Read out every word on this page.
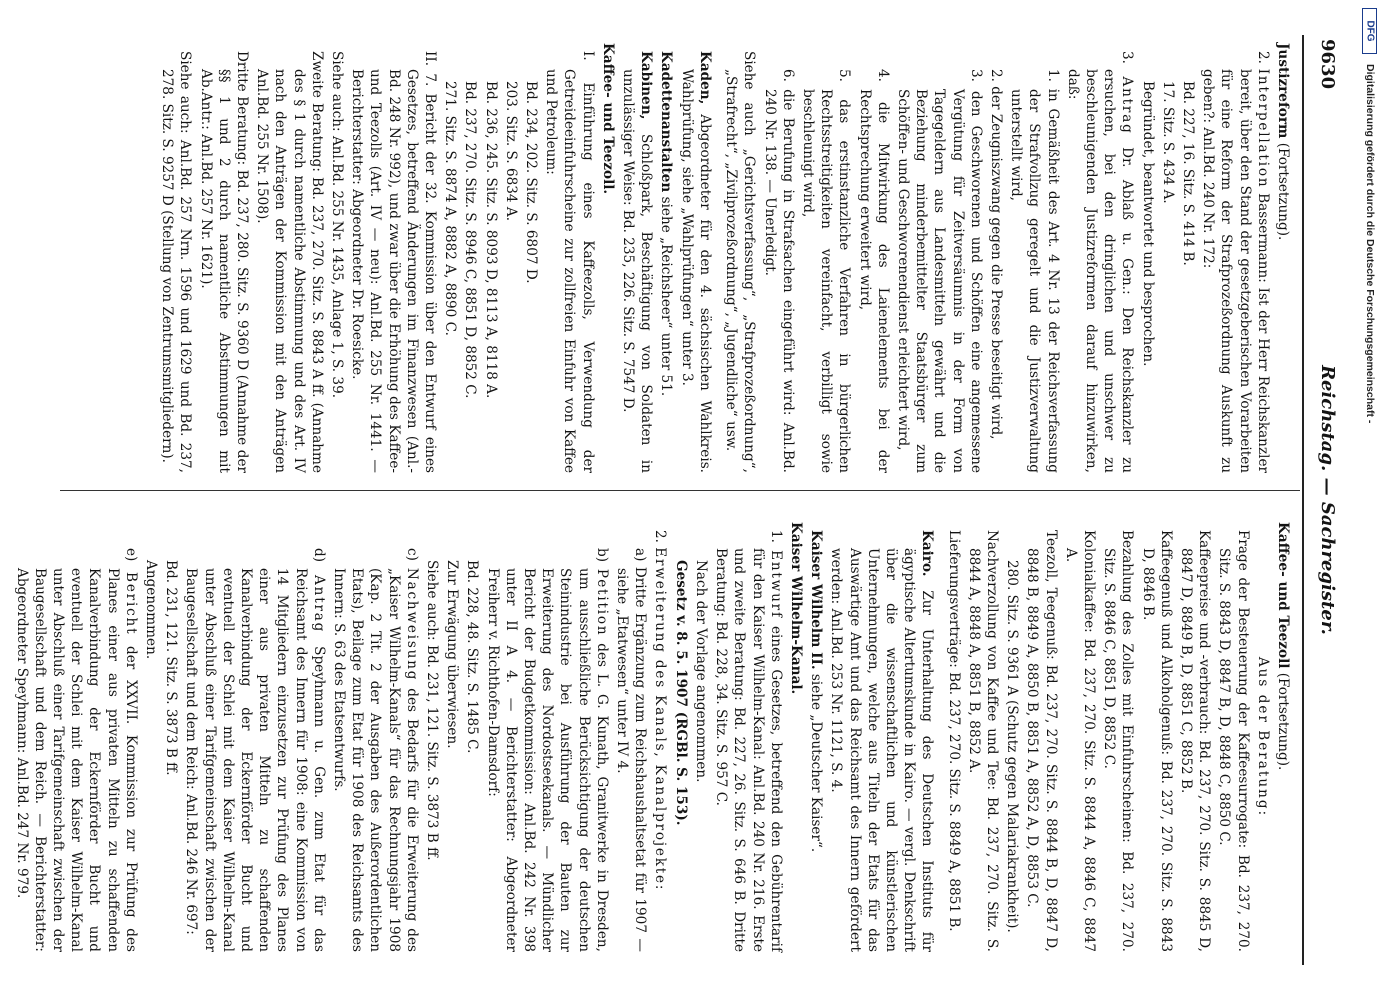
9630
Reichstag. — Sachregister.

Justizreform (Fortsetzung).

2. Interpellation Bassermann: Ist der Herr Reichskanzler bereit, über den Stand der gesetzgeberischen Vorarbeiten für eine Reform der Strafprozeßordnung Auskunft zu geben?: Anl.Bd. 240 Nr. 172:

Bd. 227, 16. Sitz. S. 414 B.

17. Sitz. S. 434 A.

Begründet, beantwortet und besprochen.

3. Antrag Dr. Ablaß u. Gen.: Den Reichskanzler zu ersuchen, bei den dringlichen und unschwer zu beschleunigenden Justizreformen darauf hinzuwirken, daß:

1. in Gemäßheit des Art. 4 Nr. 13 der Reichsverfassung der Strafvollzug geregelt und die Justizverwaltung unterstellt wird,

2. der Zeugniszwang gegen die Presse beseitigt wird,

3. den Geschworenen und Schöffen eine angemessene Vergütung für Zeitversäumnis in der Form von Tagegeldern aus Landesmitteln gewährt und die Beziehung minderbemittelter Staatsbürger zum Schöffen- und Geschworenendienst erleichtert wird,

4. die Mitwirkung des Laienelements bei der Rechtsprechung erweitert wird,

5. das erstinstanzliche Verfahren in bürgerlichen Rechtsstreitigkeiten vereinfacht, verbilligt sowie beschleunigt wird,

6. die Berufung in Strafsachen eingeführt wird: Anl.Bd. 240 Nr. 138. — Unerledigt.

Siehe auch „Gerichtsverfassung“, „Strafprozeßordnung“, „Strafrecht“, „Zivilprozeßordnung“, „Jugendliche“ usw.

Kaden, Abgeordneter für den 4. sächsischen Wahlkreis. Wahlprüfung, siehe „Wahlprüfungen“ unter 3.

Kadettenanstalten siehe „Reichsheer“ unter 51.

Kabinen, Schloßpark, Beschäftigung von Soldaten in unzulässiger Weise: Bd. 235, 226. Sitz. S. 7547 D.

Kaffee- und Teezoll.

I. Einführung eines Kaffeezolls, Verwendung der Getreideeinfuhrscheine zur zollfreien Einfuhr von Kaffee und Petroleum:

Bd. 234, 202. Sitz. S. 6807 D.

203. Sitz. S. 6834 A.

Bd. 236, 245. Sitz. S. 8093 D, 8113 A, 8118 A.

Bd. 237, 270. Sitz. S. 8946 C, 8851 D, 8852 C.

271. Sitz. S. 8874 A, 8882 A, 8890 C.

II. 7. Bericht der 32. Kommission über den Entwurf eines Gesetzes, betreffend Änderungen im Finanzwesen (Anl.-Bd. 248 Nr. 992), und zwar über die Erhöhung des Kaffee- und Teezolls (Art. IV — neu): Anl.Bd. 255 Nr. 1441. — Berichterstatter: Abgeordneter Dr. Roesicke.

Siehe auch: Anl.Bd. 255 Nr. 1435, Anlage 1, S. 39.

Zweite Beratung: Bd. 237, 270. Sitz. S. 8843 A ff. (Annahme des § 1 durch namentliche Abstimmung und des Art. IV nach den Anträgen der Kommission mit den Anträgen Anl.Bd. 255 Nr. 1508).

Dritte Beratung: Bd. 237, 280. Sitz. S. 9360 D (Annahme der §§ 1 und 2 durch namentliche Abstimmungen mit Ab.Antr.: Anl.Bd. 257 Nr. 1621).

Siehe auch: Anl.Bd. 257 Nrn. 1596 und 1629 und Bd. 237, 278. Sitz. S. 9257 D (Stellung von Zentrumsmitgliedern).

Kaffee- und Teezoll (Fortsetzung).

Aus der Beratung:

Frage der Besteuerung der Kaffeesurrogate: Bd. 237, 270. Sitz. S. 8843 D, 8847 B, D, 8848 C, 8850 C.

Kaffeepreise und -verbrauch: Bd. 237, 270. Sitz. S. 8845 D, 8847 D, 8849 B, D, 8851 C, 8852 B.

Kaffeegenuß und Alkoholgenuß: Bd. 237, 270. Sitz. S. 8843 D, 8846 B.

Bezahlung des Zolles mit Einfuhrscheinen: Bd. 237, 270. Sitz. S. 8846 C, 8851 D, 8852 C.

Kolonialkaffee: Bd. 237, 270. Sitz. S. 8844 A, 8846 C, 8847 A.

Teezoll, Teegenuß: Bd. 237, 270. Sitz. S. 8844 B, D, 8847 D, 8848 B, 8849 A, 8850 B, 8851 A, 8852 A, D, 8853 C.

280. Sitz. S. 9361 A (Schutz gegen Malariakrankheit).

Nachverzollung von Kaffee und Tee: Bd. 237, 270. Sitz. S. 8844 A, 8848 A, 8851 B, 8852 A.

Lieferungsverträge: Bd. 237, 270. Sitz. S. 8849 A, 8851 B.

Kairo. Zur Unterhaltung des Deutschen Instituts für ägyptische Altertumskunde in Kairo. — vergl. Denkschrift über die wissenschaftlichen und künstlerischen Unternehmungen, welche aus Titeln der Etats für das Auswärtige Amt und das Reichsamt des Innern gefördert werden: Anl.Bd. 253 Nr. 1121, S. 4.

Kaiser Wilhelm II. siehe „Deutscher Kaiser“.

Kaiser Wilhelm-Kanal.

1. Entwurf eines Gesetzes, betreffend den Gebührentarif für den Kaiser Wilhelm-Kanal: Anl.Bd. 240 Nr. 216. Erste und zweite Beratung: Bd. 227, 26. Sitz. S. 646 B. Dritte Beratung: Bd. 228, 34. Sitz. S. 957 C.

Nach der Vorlage angenommen.

Gesetz v. 8. 5. 1907 (RGBl. S. 153).

2. Erweiterung des Kanals, Kanalprojekte:

a) Dritte Ergänzung zum Reichshaushaltsetat für 1907 — siehe „Etatwesen“ unter IV 4.

b) Petition des L. G. Kunath, Granitwerke in Dresden, um ausschließliche Berücksichtigung der deutschen Steinindustrie bei Ausführung der Bauten zur Erweiterung des Nordostseekanals. — Mündlicher Bericht der Budgetkommission: Anl.Bd. 242 Nr. 398 unter II A 4. — Berichterstatter: Abgeordneter Freiherr v. Richthofen-Damsdorf:

Bd. 228, 48. Sitz. S. 1485 C.

Zur Erwägung überwiesen.

Siehe auch: Bd. 231, 121. Sitz. S. 3873 B ff.

c) Nachweisung des Bedarfs für die Erweiterung des „Kaiser Wilhelm-Kanals“ für das Rechnungsjahr 1908 (Kap. 2 Tit. 2 der Ausgaben des Außerordentlichen Etats), Beilage zum Etat für 1908 des Reichsamts des Innern: S. 63 des Etatsentwurfs.

d) Antrag Speyhmann u. Gen. zum Etat für das Reichsamt des Innern für 1908: eine Kommission von 14 Mitgliedern einzusetzen zur Prüfung des Planes einer aus privaten Mitteln zu schaffenden Kanalverbindung der Eckernförder Bucht und eventuell der Schlei mit dem Kaiser Wilhelm-Kanal unter Abschluß einer Tarifgemeinschaft zwischen der Baugesellschaft und dem Reich: Anl.Bd. 246 Nr. 697:

Bd. 231, 121. Sitz. S. 3873 B ff.

Angenommen.

e) Bericht der XXVII. Kommission zur Prüfung des Planes einer aus privaten Mitteln zu schaffenden Kanalverbindung der Eckernförder Bucht und eventuell der Schlei mit dem Kaiser Wilhelm-Kanal unter Abschluß einer Tarifgemeinschaft zwischen der Baugesellschaft und dem Reich. — Berichterstatter: Abgeordneter Speyhmann: Anl.Bd. 247 Nr. 979.

DFG
Digitalisierung gefördert durch die Deutsche Forschungsgemeinschaft -
